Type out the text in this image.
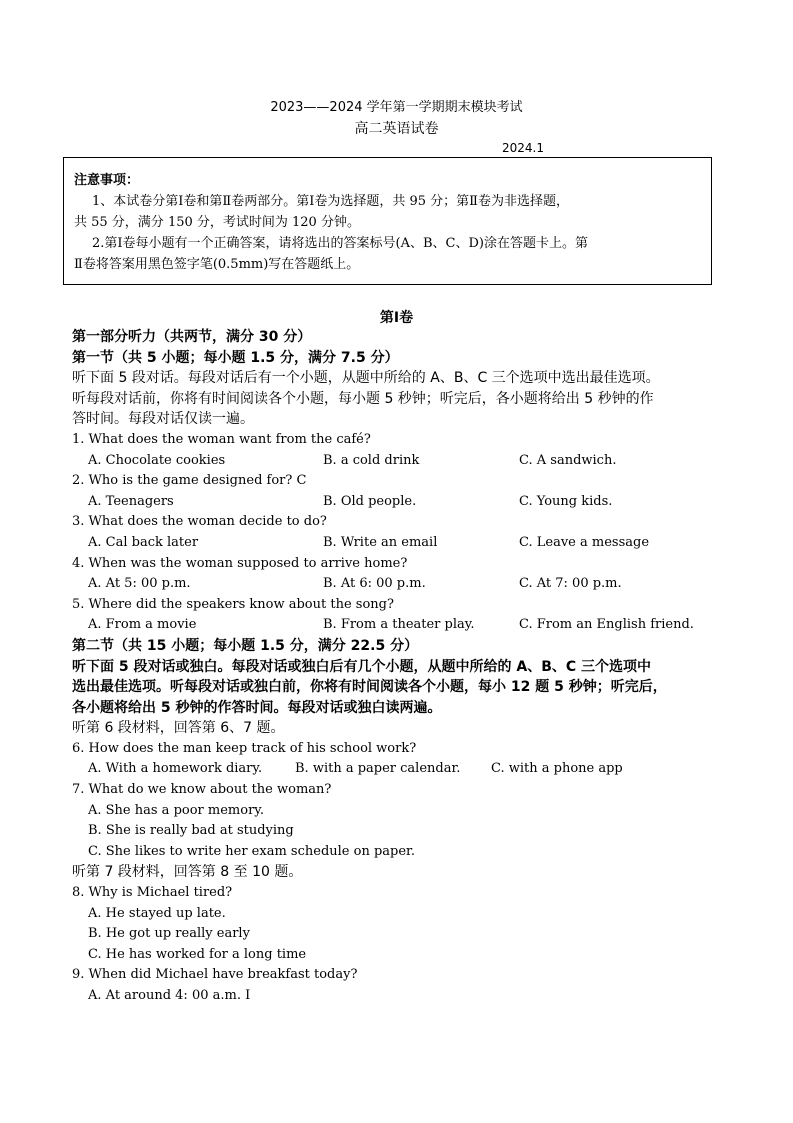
2023——2024 学年第一学期期末模块考试
高二英语试卷
2024.1
注意事项：
1、本试卷分第Ⅰ卷和第Ⅱ卷两部分。第Ⅰ卷为选择题，共 95 分；第Ⅱ卷为非选择题，
共 55 分，满分 150 分，考试时间为 120 分钟。
2.第Ⅰ卷每小题有一个正确答案，请将选出的答案标号(A、B、C、D)涂在答题卡上。第
Ⅱ卷将答案用黑色签字笔(0.5mm)写在答题纸上。
第Ⅰ卷
第一部分听力（共两节，满分 30 分）
第一节（共 5 小题；每小题 1.5 分，满分 7.5 分）
听下面 5 段对话。每段对话后有一个小题，从题中所给的 A、B、C 三个选项中选出最佳选项。
听每段对话前，你将有时间阅读各个小题，每小题 5 秒钟；听完后，各小题将给出 5 秒钟的作
答时间。每段对话仅读一遍。
1. What does the woman want from the café?
A. Chocolate cookies	B. a cold drink	C. A sandwich.
2. Who is the game designed for? C
A. Teenagers	B. Old people.	C. Young kids.
3. What does the woman decide to do?
A. Cal back later	B. Write an email	C. Leave a message
4. When was the woman supposed to arrive home?
A. At 5: 00 p.m.	B. At 6: 00 p.m.	C. At 7: 00 p.m.
5. Where did the speakers know about the song?
A. From a movie	B. From a theater play.	C. From an English friend.
第二节（共 15 小题；每小题 1.5 分，满分 22.5 分）
听下面 5 段对话或独白。每段对话或独白后有几个小题，从题中所给的 A、B、C 三个选项中
选出最佳选项。听每段对话或独白前，你将有时间阅读各个小题，每小 12 题 5 秒钟；听完后，
各小题将给出 5 秒钟的作答时间。每段对话或独白读两遍。
听第 6 段材料，回答第 6、7 题。
6. How does the man keep track of his school work?
A. With a homework diary.	B. with a paper calendar. C. with a phone app
7. What do we know about the woman?
A. She has a poor memory.
B. She is really bad at studying
C. She likes to write her exam schedule on paper.
听第 7 段材料，回答第 8 至 10 题。
8. Why is Michael tired?
A. He stayed up late.
B. He got up really early
C. He has worked for a long time
9. When did Michael have breakfast today?
A. At around 4: 00 a.m. I
